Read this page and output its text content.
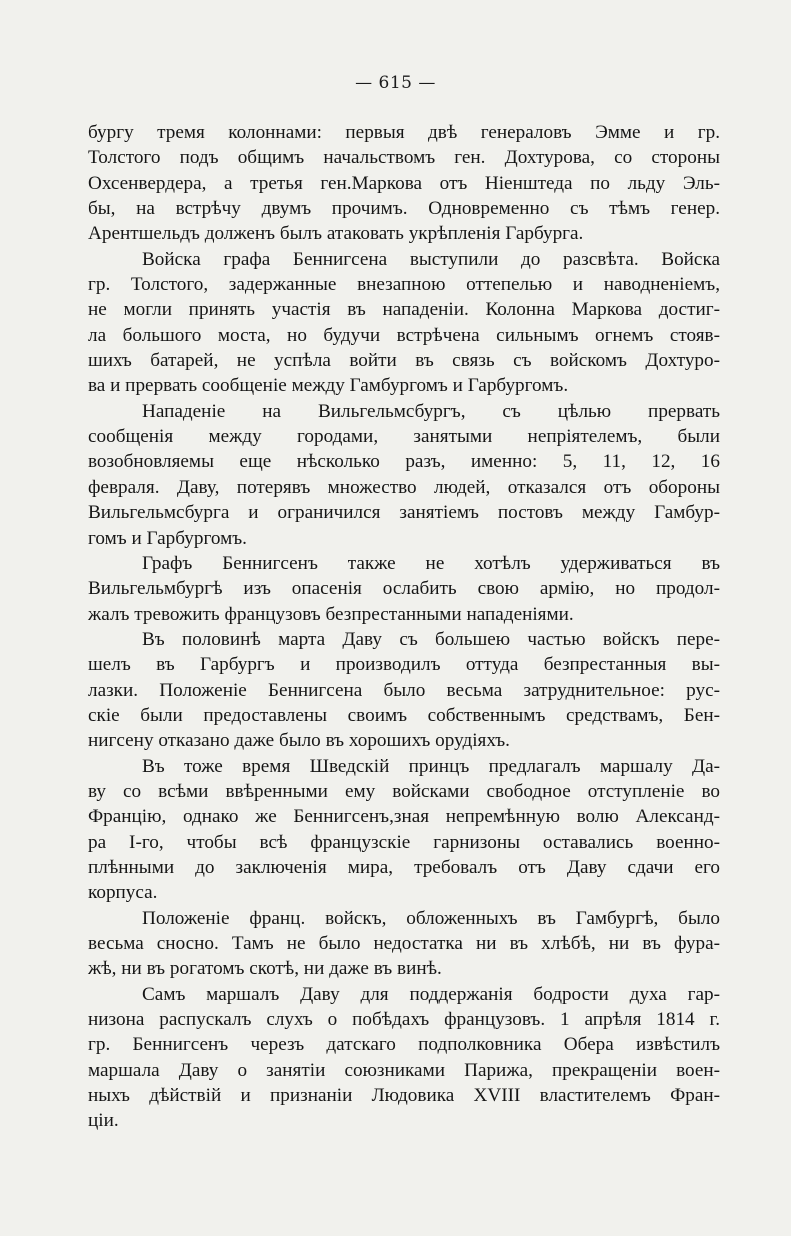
— 615 —
бургу тремя колоннами: первыя двѣ генераловъ Эмме и гр.
Толстого подъ общимъ начальствомъ ген. Дохтурова, со стороны
Охсенвердера, а третья ген.Маркова отъ Ніенштеда по льду Эль-
бы, на встрѣчу двумъ прочимъ. Одновременно съ тѣмъ генер.
Арентшельдъ долженъ былъ атаковать укрѣпленія Гарбурга.
Войска графа Беннигсена выступили до разсвѣта. Войска
гр. Толстого, задержанные внезапною оттепелью и наводненіемъ,
не могли принять участія въ нападеніи. Колонна Маркова достиг-
ла большого моста, но будучи встрѣчена сильнымъ огнемъ стояв-
шихъ батарей, не успѣла войти въ связь съ войскомъ Дохтуро-
ва и прервать сообщеніе между Гамбургомъ и Гарбургомъ.
Нападеніе на Вильгельмсбургъ, съ цѣлью прервать
сообщенія между городами, занятыми непріятелемъ, были
возобновляемы еще нѣсколько разъ, именно: 5, 11, 12, 16
февраля. Даву, потерявъ множество людей, отказался отъ обороны
Вильгельмсбурга и ограничился занятіемъ постовъ между Гамбур-
гомъ и Гарбургомъ.
Графъ Беннигсенъ также не хотѣлъ удерживаться въ
Вильгельмбургѣ изъ опасенія ослабить свою армію, но продол-
жалъ тревожить французовъ безпрестанными нападеніями.
Въ половинѣ марта Даву съ большею частью войскъ пере-
шелъ въ Гарбургъ и производилъ оттуда безпрестанныя вы-
лазки. Положеніе Беннигсена было весьма затруднительное: рус-
скіе были предоставлены своимъ собственнымъ средствамъ, Бен-
нигсену отказано даже было въ хорошихъ орудіяхъ.
Въ тоже время Шведскій принцъ предлагалъ маршалу Да-
ву со всѣми ввѣренными ему войсками свободное отступленіе во
Францію, однако же Беннигсенъ,зная непремѣнную волю Александ-
ра I-го, чтобы всѣ французскіе гарнизоны оставались военно-
плѣнными до заключенія мира, требовалъ отъ Даву сдачи его
корпуса.
Положеніе франц. войскъ, обложенныхъ въ Гамбургѣ, было
весьма сносно. Тамъ не было недостатка ни въ хлѣбѣ, ни въ фура-
жѣ, ни въ рогатомъ скотѣ, ни даже въ винѣ.
Самъ маршалъ Даву для поддержанія бодрости духа гар-
низона распускалъ слухъ о побѣдахъ французовъ. 1 апрѣля 1814 г.
гр. Беннигсенъ черезъ датскаго подполковника Обера извѣстилъ
маршала Даву о занятіи союзниками Парижа, прекращеніи воен-
ныхъ дѣйствій и признаніи Людовика XVIII властителемъ Фран-
ціи.
